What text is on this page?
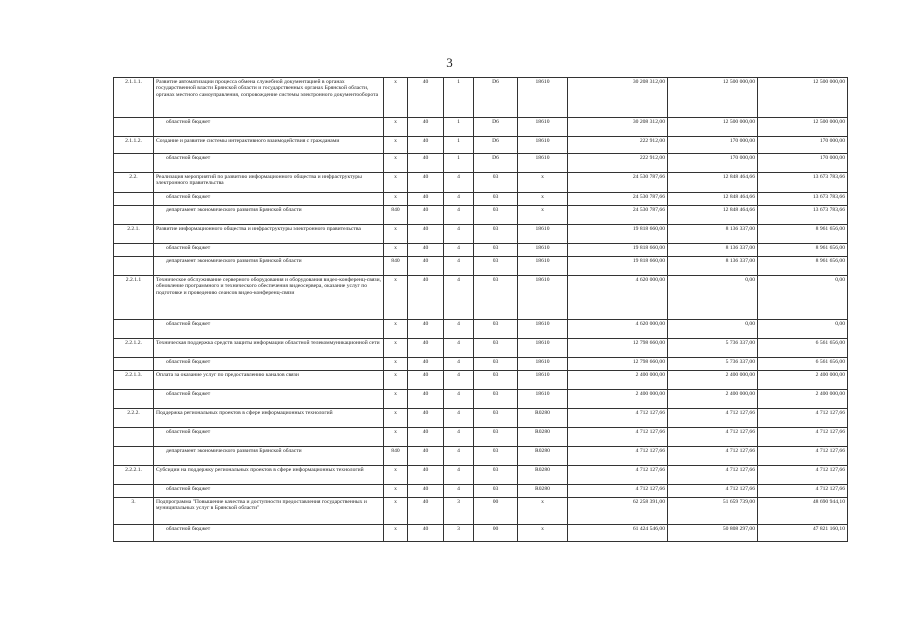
3
2.1.1.1.	Развитие автоматизации процесса обмена служебной документацией в органах государственной власти Брянской области и государственных органах Брянской области, органах местного самоуправления, сопровождение системы электронного документооборота	x	40	1	D6	18610	30 208 312,00	12 500 000,00	12 500 000,00

	областной бюджет	x	40	1	D6	18610	30 208 312,00	12 500 000,00	12 500 000,00
2.1.1.2.	Создание и развитие системы интерактивного взаимодействия с гражданами	x	40	1	D6	18610	222 912,00	170 000,00	170 000,00

	областной бюджет	x	40	1	D6	18610	222 912,00	170 000,00	170 000,00
2.2.	Реализация мероприятий по развитию информационного общества и инфраструктуры электронного правительства	x	40	4	03	x	24 530 787,66	12 848 464,66	13 673 783,66

	областной бюджет	x	40	4	03	x	24 530 787,66	12 848 464,66	13 673 783,66

	департамент экономического развития Брянской области	840	40	4	03	x	24 530 787,66	12 848 464,66	13 673 783,66
2.2.1.	Развитие информационного общества и инфраструктуры электронного правительства	x	40	4	03	18610	19 818 660,00	8 136 337,00	8 961 656,00

	областной бюджет	x	40	4	03	18610	19 818 660,00	8 136 337,00	8 961 656,00

	департамент экономического развития Брянской области	840	40	4	03	18610	19 818 660,00	8 136 337,00	8 961 656,00
2.2.1.1	Техническое обслуживание серверного оборудования и оборудования видео-конференц-связи, обновление программного и технического обеспечения видеосервера, оказание услуг по подготовке и проведению сеансов видео-конференц-связи	x	40	4	03	18610	4 620 000,00	0,00	0,00

	областной бюджет	x	40	4	03	18610	4 620 000,00	0,00	0,00
2.2.1.2.	Техническая поддержка средств защиты информации областной телекоммуникационной сети	x	40	4	03	18610	12 798 660,00	5 736 337,00	6 561 656,00

	областной бюджет	x	40	4	03	18610	12 798 660,00	5 736 337,00	6 561 656,00
2.2.1.3.	Оплата за оказание услуг по предоставлению каналов связи	x	40	4	03	18610	2 400 000,00	2 400 000,00	2 400 000,00

	областной бюджет	x	40	4	03	18610	2 400 000,00	2 400 000,00	2 400 000,00
2.2.2.	Поддержка региональных проектов в сфере информационных технологий	x	40	4	03	R0280	4 712 127,66	4 712 127,66	4 712 127,66

	областной бюджет	x	40	4	03	R0280	4 712 127,66	4 712 127,66	4 712 127,66

	департамент экономического развития Брянской области	840	40	4	03	R0280	4 712 127,66	4 712 127,66	4 712 127,66
2.2.2.1.	Субсидии на поддержку региональных проектов в сфере информационных технологий	x	40	4	03	R0280	4 712 127,66	4 712 127,66	4 712 127,66

	областной бюджет	x	40	4	03	R0280	4 712 127,66	4 712 127,66	4 712 127,66
3.	Подпрограмма "Повышение качества и доступности предоставления государственных и муниципальных услуг в Брянской области"	x	40	3	00	x	62 258 391,00	51 659 739,00	48 690 944,10

	областной бюджет	x	40	3	00	x	61 424 546,00	50 808 297,00	47 821 160,10
